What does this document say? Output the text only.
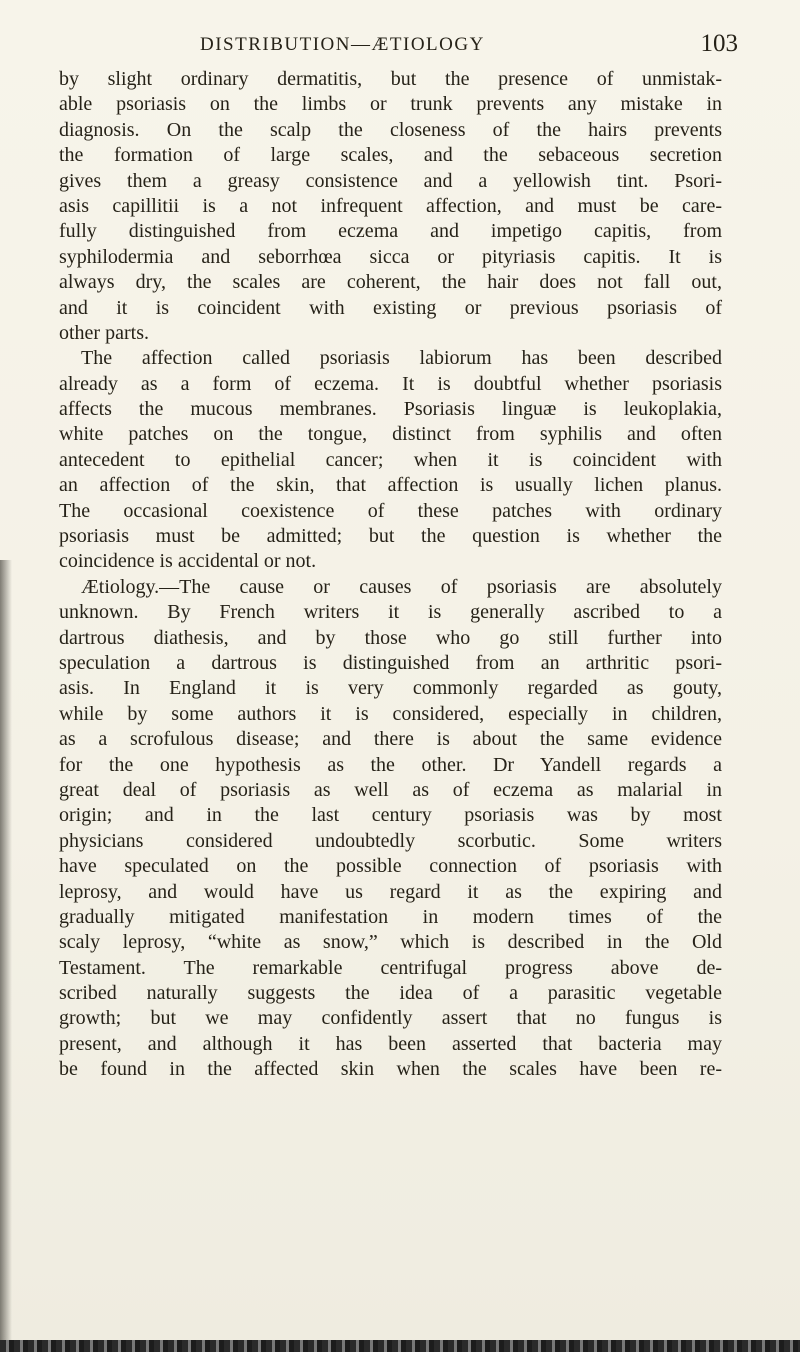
DISTRIBUTION—ÆTIOLOGY	103
by slight ordinary dermatitis, but the presence of unmistak-
able psoriasis on the limbs or trunk prevents any mistake in
diagnosis. On the scalp the closeness of the hairs prevents
the formation of large scales, and the sebaceous secretion
gives them a greasy consistence and a yellowish tint. Psori-
asis capillitii is a not infrequent affection, and must be care-
fully distinguished from eczema and impetigo capitis, from
syphilodermia and seborrhœa sicca or pityriasis capitis. It is
always dry, the scales are coherent, the hair does not fall out,
and it is coincident with existing or previous psoriasis of
other parts.
The affection called psoriasis labiorum has been described
already as a form of eczema. It is doubtful whether psoriasis
affects the mucous membranes. Psoriasis linguæ is leukoplakia,
white patches on the tongue, distinct from syphilis and often
antecedent to epithelial cancer; when it is coincident with
an affection of the skin, that affection is usually lichen planus.
The occasional coexistence of these patches with ordinary
psoriasis must be admitted; but the question is whether the
coincidence is accidental or not.
Ætiology.—The cause or causes of psoriasis are absolutely
unknown. By French writers it is generally ascribed to a
dartrous diathesis, and by those who go still further into
speculation a dartrous is distinguished from an arthritic psori-
asis. In England it is very commonly regarded as gouty,
while by some authors it is considered, especially in children,
as a scrofulous disease; and there is about the same evidence
for the one hypothesis as the other. Dr Yandell regards a
great deal of psoriasis as well as of eczema as malarial in
origin; and in the last century psoriasis was by most
physicians considered undoubtedly scorbutic. Some writers
have speculated on the possible connection of psoriasis with
leprosy, and would have us regard it as the expiring and
gradually mitigated manifestation in modern times of the
scaly leprosy, “white as snow,” which is described in the Old
Testament. The remarkable centrifugal progress above de-
scribed naturally suggests the idea of a parasitic vegetable
growth; but we may confidently assert that no fungus is
present, and although it has been asserted that bacteria may
be found in the affected skin when the scales have been re-
